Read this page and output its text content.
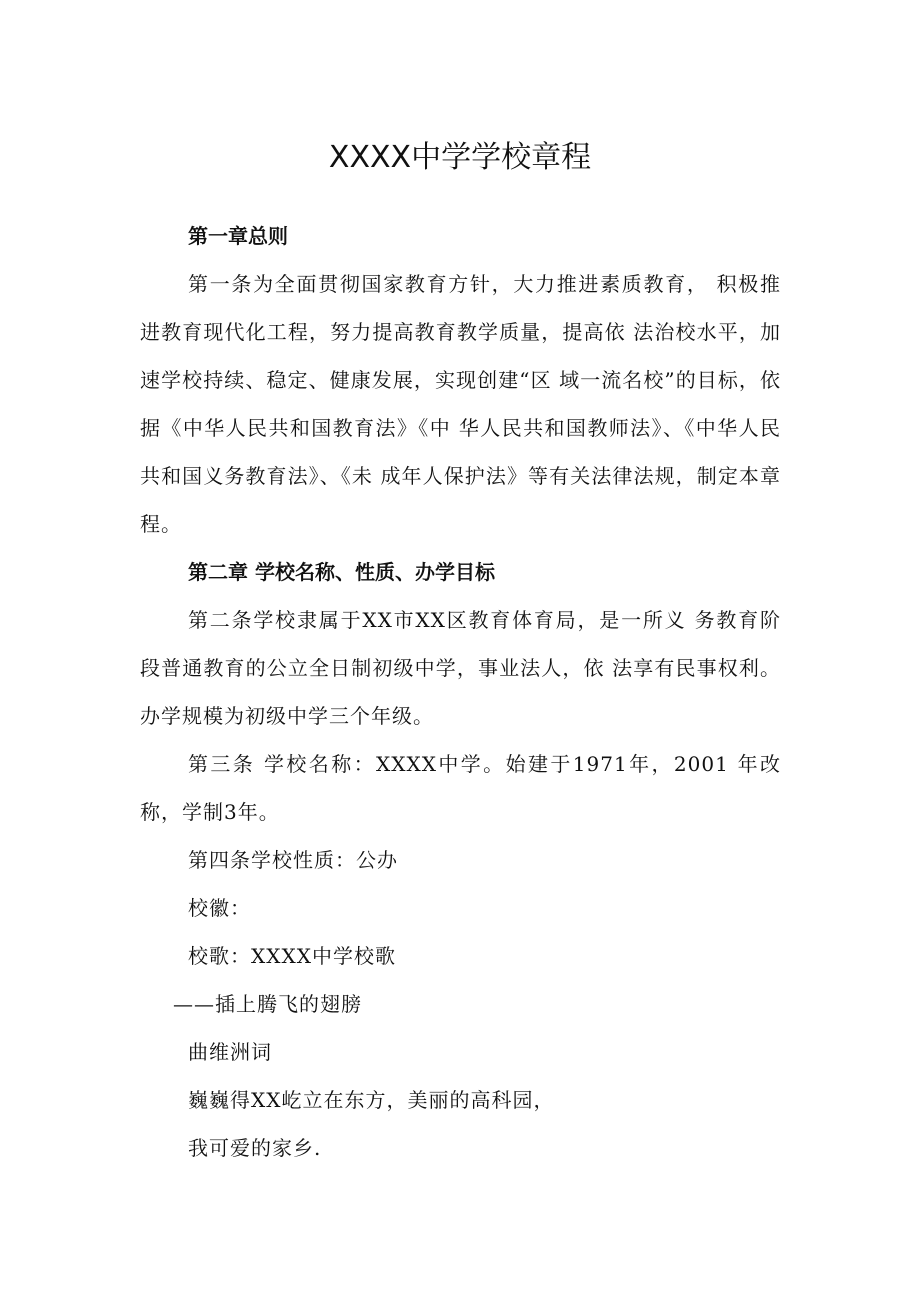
XXXX中学学校章程

第一章总则

第一条为全面贯彻国家教育方针，大力推进素质教育， 积极推进教育现代化工程，努力提高教育教学质量，提高依 法治校水平，加速学校持续、稳定、健康发展，实现创建“区 域一流名校”的目标，依据《中华人民共和国教育法》《中 华人民共和国教师法》、《中华人民共和国义务教育法》、《未 成年人保护法》等有关法律法规，制定本章程。

第二章 学校名称、性质、办学目标

第二条学校隶属于XX市XX区教育体育局，是一所义 务教育阶段普通教育的公立全日制初级中学，事业法人，依 法享有民事权利。办学规模为初级中学三个年级。

第三条 学校名称：XXXX中学。始建于1971年，2001 年改称，学制3年。

第四条学校性质：公办

校徽：

校歌：XXXX中学校歌

——插上腾飞的翅膀

曲维洲词

巍巍得XX屹立在东方，美丽的高科园，

我可爱的家乡.
